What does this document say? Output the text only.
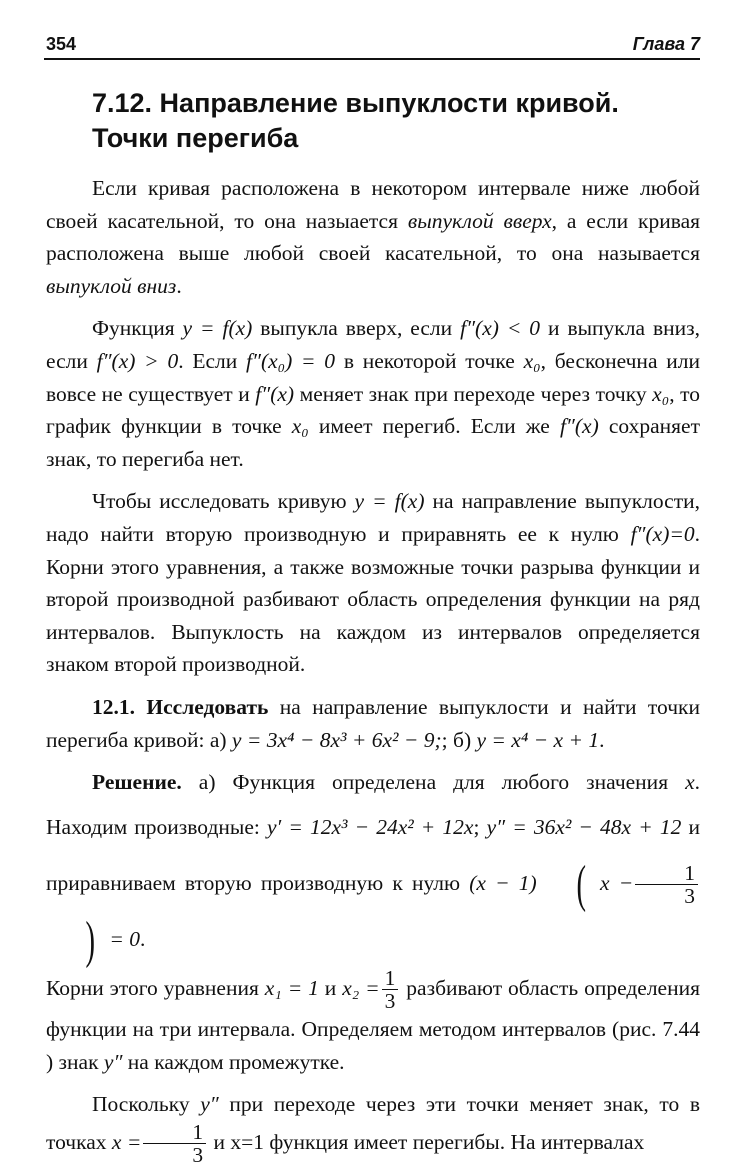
354	Глава 7
7.12. Направление выпуклости кривой.
Точки перегиба

Если кривая расположена в некотором интервале ниже любой своей касательной, то она назыается выпуклой вверх, а если кривая расположена выше любой своей касательной, то она называется выпуклой вниз.

Функция y = f(x) выпукла вверх, если f″(x) < 0 и выпукла вниз, если f″(x) > 0. Если f″(x₀) = 0 в некоторой точке x₀, бесконечна или вовсе не существует и f″(x) меняет знак при переходе через точку x₀, то график функции в точке x₀ имеет перегиб. Если же f″(x) сохраняет знак, то перегиба нет.

Чтобы исследовать кривую y = f(x) на направление выпуклости, надо найти вторую производную и приравнять ее к нулю f″(x)=0. Корни этого уравнения, а также возможные точки разрыва функции и второй производной разбивают область определения функции на ряд интервалов. Выпуклость на каждом из интервалов определяется знаком второй производной.

12.1. Исследовать на направление выпуклости и найти точки перегиба кривой: а) y = 3x⁴ − 8x³ + 6x² − 9;; б) y = x⁴ − x + 1.

Решение. а) Функция определена для любого значения x. Находим производные: y′ = 12x³ − 24x² + 12x; y″ = 36x² − 48x + 12 и приравниваем вторую производную к нулю (x − 1) ( $x - \frac{1}{3}$
) = 0.

Корни этого уравнения x₁ = 1 и $x_2 = \frac{1}{3}$ разбивают область определения функции на три интервала. Определяем методом интервалов (рис. 7.44 ) знак y″ на каждом промежутке.

Поскольку y″ при переходе через эти точки меняет знак, то в точках $x = \frac{1}{3}$ и x=1 функция имеет перегибы. На интервалах
